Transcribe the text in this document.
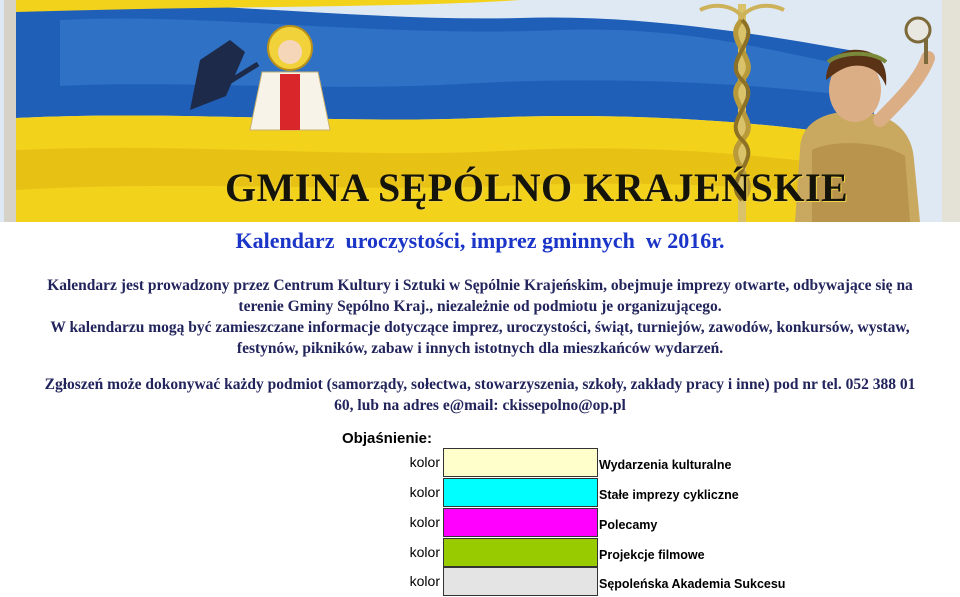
GMINA SĘPÓLNO KRAJEŃSKIE
Kalendarz  uroczystości, imprez gminnych  w 2016r.
Kalendarz jest prowadzony przez Centrum Kultury i Sztuki w Sępólnie Krajeńskim, obejmuje imprezy otwarte, odbywające się na terenie Gminy Sępólno Kraj., niezależnie od podmiotu je organizującego.
W kalendarzu mogą być zamieszczane informacje dotyczące imprez, uroczystości, świąt, turniejów, zawodów, konkursów, wystaw, festynów, pikników, zabaw i innych istotnych dla mieszkańców wydarzeń.
Zgłoszeń może dokonywać każdy podmiot (samorządy, sołectwa, stowarzyszenia, szkoły, zakłady pracy i inne) pod nr tel. 052 388 01 60, lub na adres e@mail: ckissepolno@op.pl
Objaśnienie:
kolor	Wydarzenia kulturalne
kolor	Stałe imprezy cykliczne
kolor	Polecamy
kolor	Projekcje filmowe
kolor	Sępoleńska Akademia Sukcesu
